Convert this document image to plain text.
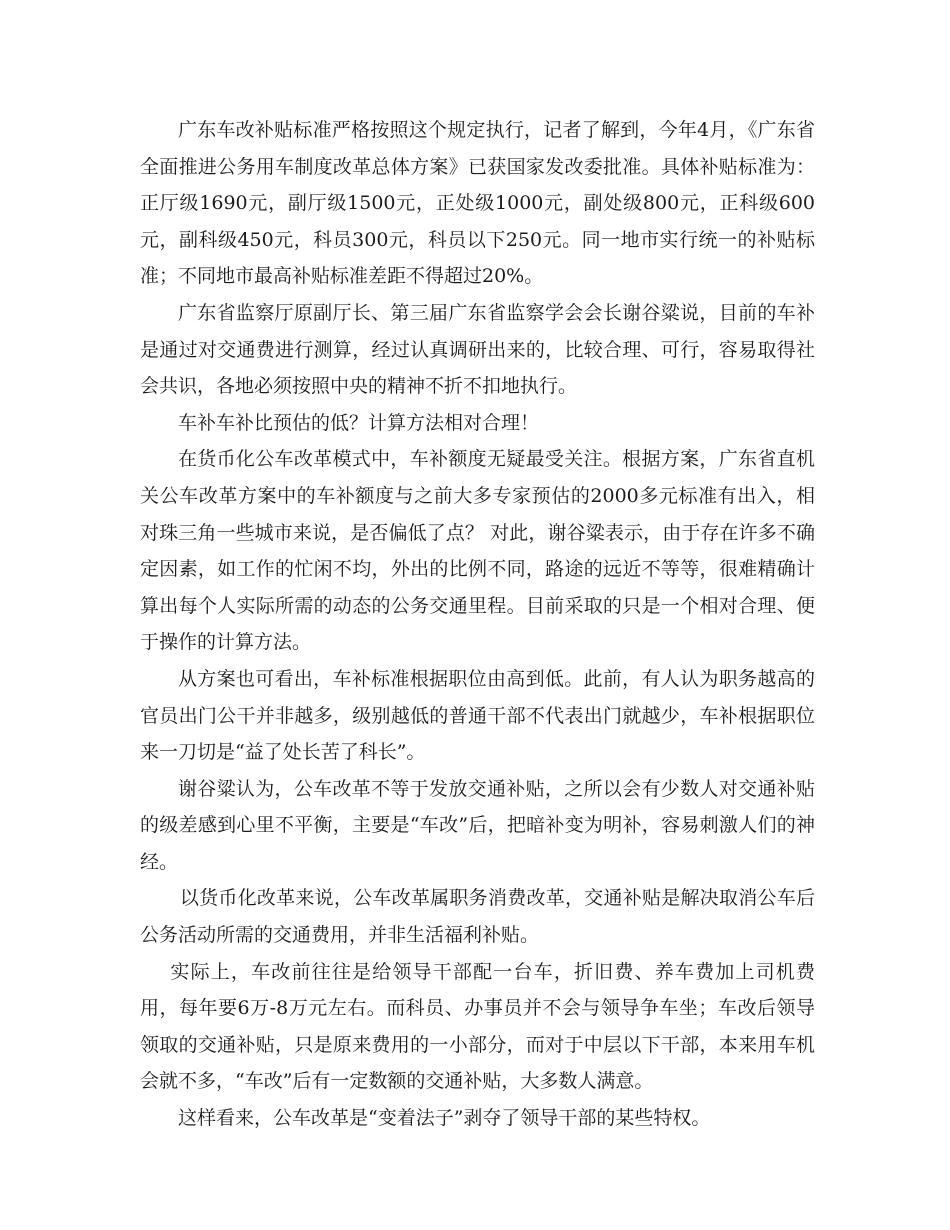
广东车改补贴标准严格按照这个规定执行，记者了解到，今年4月，《广东省全面推进公务用车制度改革总体方案》已获国家发改委批准。具体补贴标准为：正厅级1690元，副厅级1500元，正处级1000元，副处级800元，正科级600元，副科级450元，科员300元，科员以下250元。同一地市实行统一的补贴标准；不同地市最高补贴标准差距不得超过20%。

广东省监察厅原副厅长、第三届广东省监察学会会长谢谷粱说，目前的车补是通过对交通费进行测算，经过认真调研出来的，比较合理、可行，容易取得社会共识，各地必须按照中央的精神不折不扣地执行。

车补车补比预估的低？计算方法相对合理！

在货币化公车改革模式中，车补额度无疑最受关注。根据方案，广东省直机关公车改革方案中的车补额度与之前大多专家预估的2000多元标准有出入，相对珠三角一些城市来说，是否偏低了点？ 对此，谢谷粱表示，由于存在许多不确定因素，如工作的忙闲不均，外出的比例不同，路途的远近不等等，很难精确计算出每个人实际所需的动态的公务交通里程。目前采取的只是一个相对合理、便于操作的计算方法。

从方案也可看出，车补标准根据职位由高到低。此前，有人认为职务越高的官员出门公干并非越多，级别越低的普通干部不代表出门就越少，车补根据职位来一刀切是“益了处长苦了科长”。

谢谷粱认为，公车改革不等于发放交通补贴，之所以会有少数人对交通补贴的级差感到心里不平衡，主要是“车改”后，把暗补变为明补，容易刺激人们的神经。

以货币化改革来说，公车改革属职务消费改革，交通补贴是解决取消公车后公务活动所需的交通费用，并非生活福利补贴。

实际上，车改前往往是给领导干部配一台车，折旧费、养车费加上司机费用，每年要6万-8万元左右。而科员、办事员并不会与领导争车坐；车改后领导领取的交通补贴，只是原来费用的一小部分，而对于中层以下干部，本来用车机会就不多，“车改”后有一定数额的交通补贴，大多数人满意。

这样看来，公车改革是“变着法子”剥夺了领导干部的某些特权。
